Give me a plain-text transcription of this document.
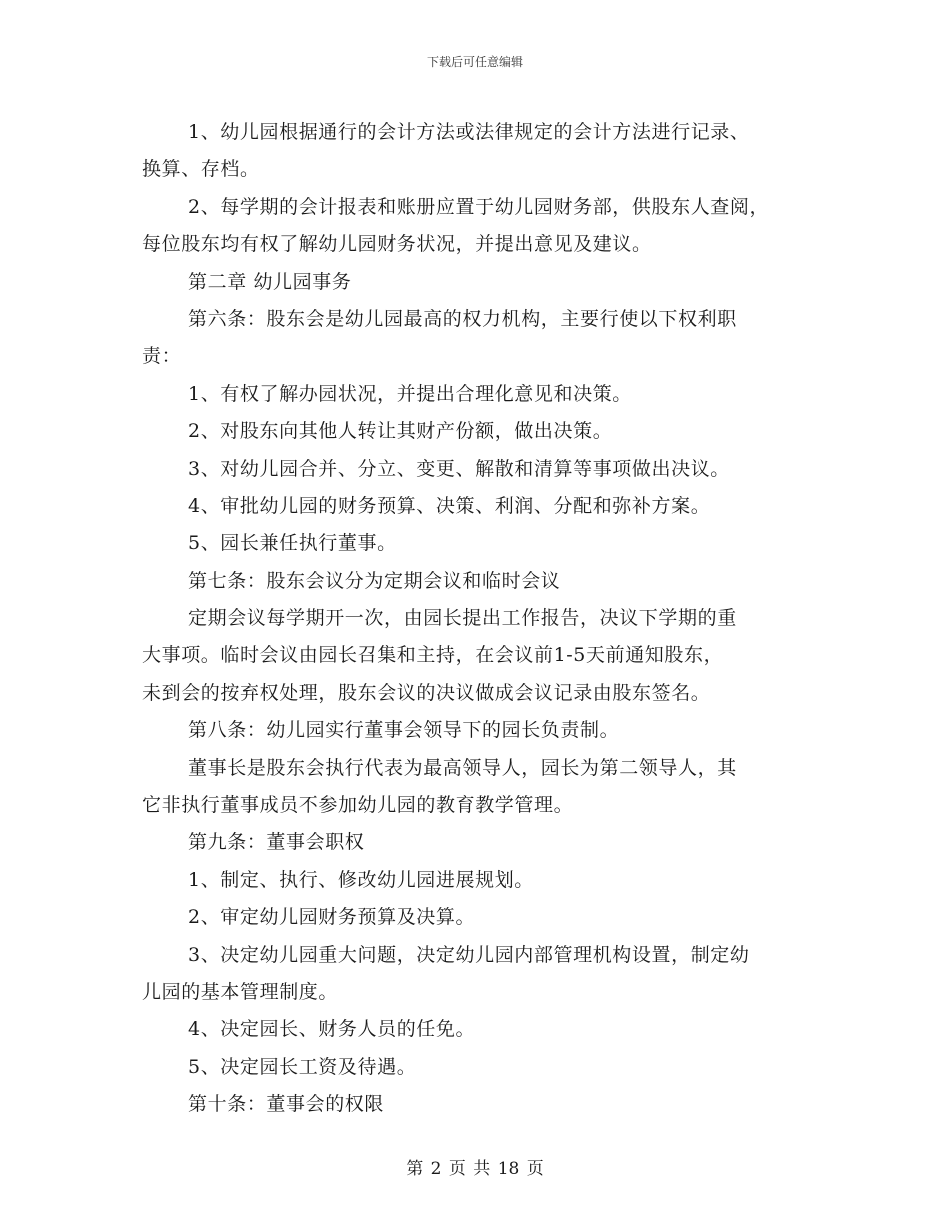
下载后可任意编辑
1、幼儿园根据通行的会计方法或法律规定的会计方法进行记录、
换算、存档。
2、每学期的会计报表和账册应置于幼儿园财务部，供股东人查阅，
每位股东均有权了解幼儿园财务状况，并提出意见及建议。
第二章 幼儿园事务
第六条：股东会是幼儿园最高的权力机构，主要行使以下权利职
责：
1、有权了解办园状况，并提出合理化意见和决策。
2、对股东向其他人转让其财产份额，做出决策。
3、对幼儿园合并、分立、变更、解散和清算等事项做出决议。
4、审批幼儿园的财务预算、决策、利润、分配和弥补方案。
5、园长兼任执行董事。
第七条：股东会议分为定期会议和临时会议
定期会议每学期开一次，由园长提出工作报告，决议下学期的重
大事项。临时会议由园长召集和主持，在会议前1-5天前通知股东，
未到会的按弃权处理，股东会议的决议做成会议记录由股东签名。
第八条：幼儿园实行董事会领导下的园长负责制。
董事长是股东会执行代表为最高领导人，园长为第二领导人，其
它非执行董事成员不参加幼儿园的教育教学管理。
第九条：董事会职权
1、制定、执行、修改幼儿园进展规划。
2、审定幼儿园财务预算及决算。
3、决定幼儿园重大问题，决定幼儿园内部管理机构设置，制定幼
儿园的基本管理制度。
4、决定园长、财务人员的任免。
5、决定园长工资及待遇。
第十条：董事会的权限
第 2 页 共 18 页
